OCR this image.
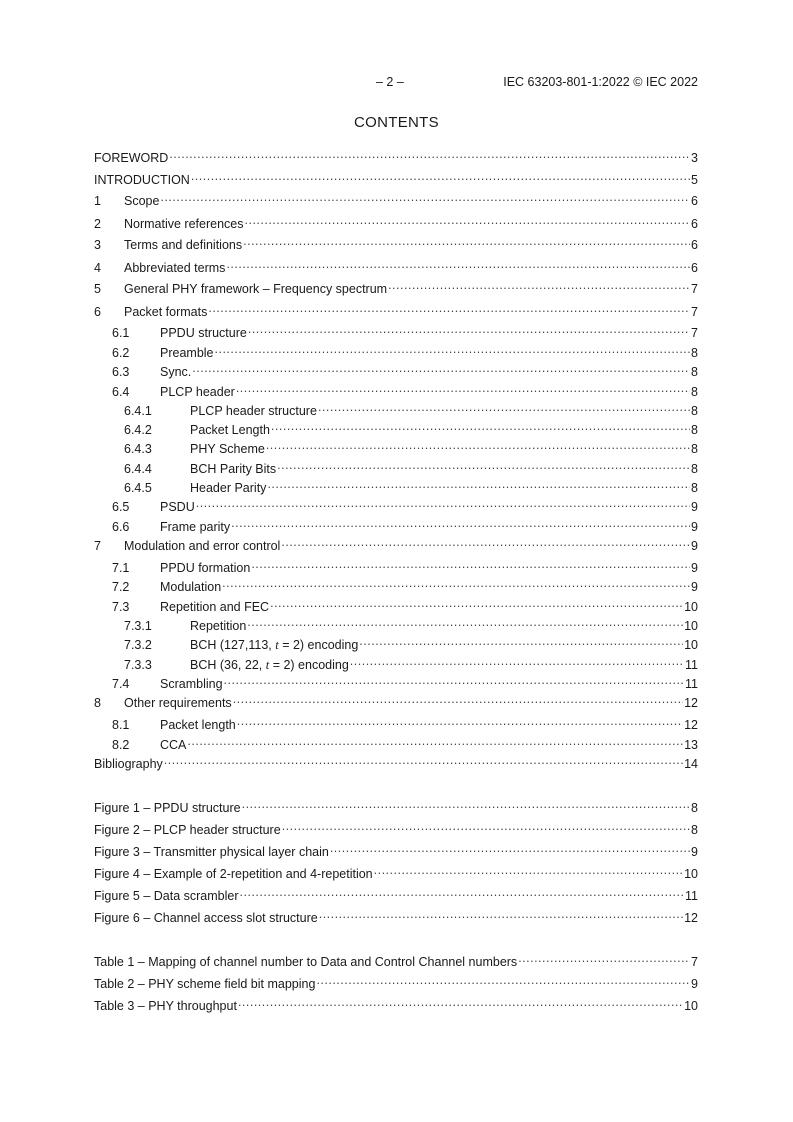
– 2 –	IEC 63203-801-1:2022 © IEC 2022
CONTENTS
FOREWORD .....	3
INTRODUCTION .....	5
1	Scope .....	6
2	Normative references .....	6
3	Terms and definitions .....	6
4	Abbreviated terms .....	6
5	General PHY framework – Frequency spectrum .....	7
6	Packet formats .....	7
6.1	PPDU structure .....	7
6.2	Preamble .....	8
6.3	Sync. .....	8
6.4	PLCP header .....	8
6.4.1	PLCP header structure .....	8
6.4.2	Packet Length .....	8
6.4.3	PHY Scheme .....	8
6.4.4	BCH Parity Bits .....	8
6.4.5	Header Parity .....	8
6.5	PSDU .....	9
6.6	Frame parity .....	9
7	Modulation and error control .....	9
7.1	PPDU formation .....	9
7.2	Modulation .....	9
7.3	Repetition and FEC .....	10
7.3.1	Repetition .....	10
7.3.2	BCH (127,113, t = 2) encoding .....	10
7.3.3	BCH (36, 22, t = 2) encoding .....	11
7.4	Scrambling .....	11
8	Other requirements .....	12
8.1	Packet length .....	12
8.2	CCA .....	13
Bibliography .....	14
Figure 1 – PPDU structure .....	8
Figure 2 – PLCP header structure .....	8
Figure 3 – Transmitter physical layer chain .....	9
Figure 4 – Example of 2-repetition and 4-repetition .....	10
Figure 5 – Data scrambler .....	11
Figure 6 – Channel access slot structure .....	12
Table 1 – Mapping of channel number to Data and Control Channel numbers .....	7
Table 2 – PHY scheme field bit mapping .....	9
Table 3 – PHY throughput .....	10
